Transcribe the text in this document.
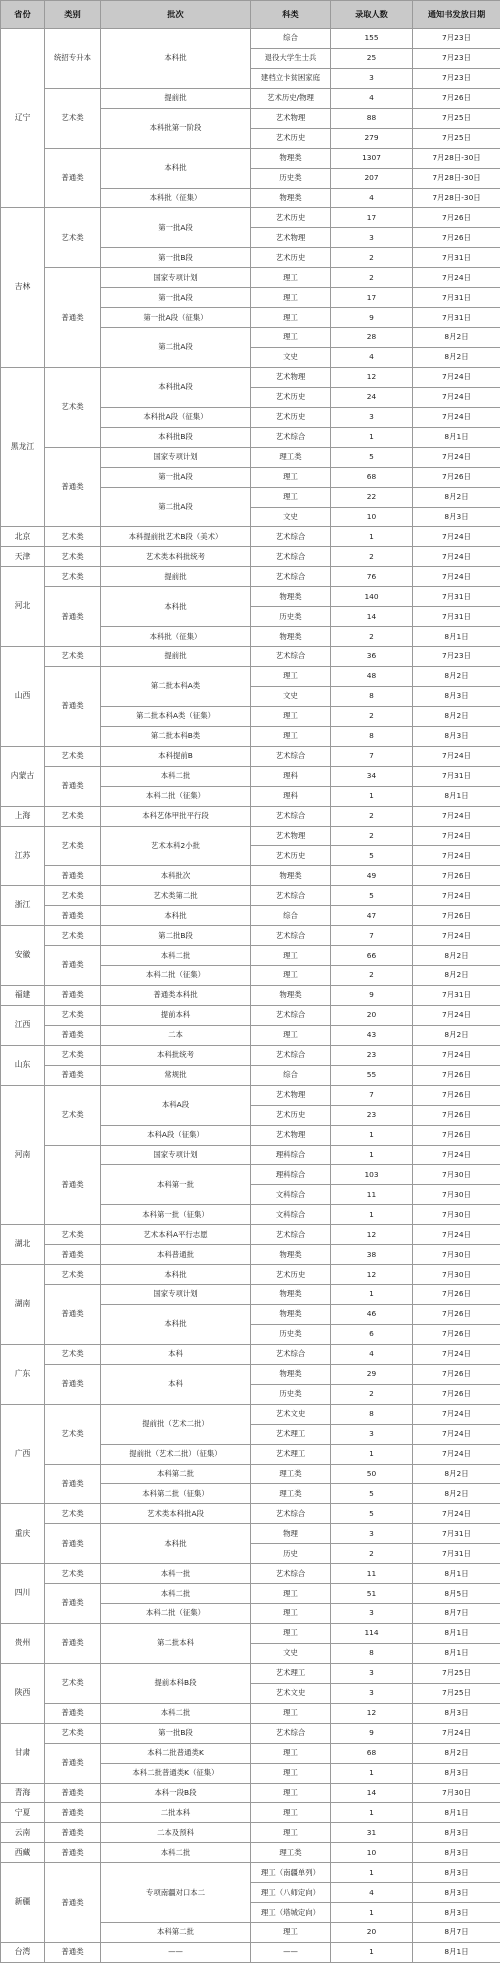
省份	类别	批次	科类	录取人数	通知书发放日期
辽宁	统招专升本	本科批	综合	155	7月23日
			退役大学生士兵	25	7月23日
			建档立卡贫困家庭	3	7月23日
	艺术类	提前批	艺术历史/物理	4	7月26日
		本科批第一阶段	艺术物理	88	7月25日
			艺术历史	279	7月25日
	普通类	本科批	物理类	1307	7月28日-30日
			历史类	207	7月28日-30日
		本科批（征集）	物理类	4	7月28日-30日
吉林	艺术类	第一批A段	艺术历史	17	7月26日
			艺术物理	3	7月26日
		第一批B段	艺术历史	2	7月31日
	普通类	国家专项计划	理工	2	7月24日
		第一批A段	理工	17	7月31日
		第一批A段（征集）	理工	9	7月31日
		第二批A段	理工	28	8月2日
			文史	4	8月2日
黑龙江	艺术类	本科批A段	艺术物理	12	7月24日
			艺术历史	24	7月24日
		本科批A段（征集）	艺术历史	3	7月24日
		本科批B段	艺术综合	1	8月1日
	普通类	国家专项计划	理工类	5	7月24日
		第一批A段	理工	68	7月26日
		第二批A段	理工	22	8月2日
			文史	10	8月3日
北京	艺术类	本科提前批艺术B段（美术）	艺术综合	1	7月24日
天津	艺术类	艺术类本科批统考	艺术综合	2	7月24日
河北	艺术类	提前批	艺术综合	76	7月24日
	普通类	本科批	物理类	140	7月31日
			历史类	14	7月31日
		本科批（征集）	物理类	2	8月1日
山西	艺术类	提前批	艺术综合	36	7月23日
	普通类	第二批本科A类	理工	48	8月2日
			文史	8	8月3日
		第二批本科A类（征集）	理工	2	8月2日
		第二批本科B类	理工	8	8月3日
内蒙古	艺术类	本科提前B	艺术综合	7	7月24日
	普通类	本科二批	理科	34	7月31日
		本科二批（征集）	理科	1	8月1日
上海	艺术类	本科艺体甲批平行段	艺术综合	2	7月24日
江苏	艺术类	艺术本科2小批	艺术物理	2	7月24日
			艺术历史	5	7月24日
	普通类	本科批次	物理类	49	7月26日
浙江	艺术类	艺术类第二批	艺术综合	5	7月24日
	普通类	本科批	综合	47	7月26日
安徽	艺术类	第二批B段	艺术综合	7	7月24日
	普通类	本科二批	理工	66	8月2日
		本科二批（征集）	理工	2	8月2日
福建	普通类	普通类本科批	物理类	9	7月31日
江西	艺术类	提前本科	艺术综合	20	7月24日
	普通类	二本	理工	43	8月2日
山东	艺术类	本科批统考	艺术综合	23	7月24日
	普通类	常规批	综合	55	7月26日
河南	艺术类	本科A段	艺术物理	7	7月26日
			艺术历史	23	7月26日
		本科A段（征集）	艺术物理	1	7月26日
	普通类	国家专项计划	理科综合	1	7月24日
		本科第一批	理科综合	103	7月30日
			文科综合	11	7月30日
		本科第一批（征集）	文科综合	1	7月30日
湖北	艺术类	艺术本科A平行志愿	艺术综合	12	7月24日
	普通类	本科普通批	物理类	38	7月30日
湖南	艺术类	本科批	艺术历史	12	7月30日
	普通类	国家专项计划	物理类	1	7月26日
		本科批	物理类	46	7月26日
			历史类	6	7月26日
广东	艺术类	本科	艺术综合	4	7月24日
	普通类	本科	物理类	29	7月26日
			历史类	2	7月26日
广西	艺术类	提前批（艺术二批）	艺术文史	8	7月24日
			艺术理工	3	7月24日
		提前批（艺术二批）（征集）	艺术理工	1	7月24日
	普通类	本科第二批	理工类	50	8月2日
		本科第二批（征集）	理工类	5	8月2日
重庆	艺术类	艺术类本科批A段	艺术综合	5	7月24日
	普通类	本科批	物理	3	7月31日
			历史	2	7月31日
四川	艺术类	本科一批	艺术综合	11	8月1日
	普通类	本科二批	理工	51	8月5日
		本科二批（征集）	理工	3	8月7日
贵州	普通类	第二批本科	理工	114	8月1日
			文史	8	8月1日
陕西	艺术类	提前本科B段	艺术理工	3	7月25日
			艺术文史	3	7月25日
	普通类	本科二批	理工	12	8月3日
甘肃	艺术类	第一批B段	艺术综合	9	7月24日
	普通类	本科二批普通类K	理工	68	8月2日
		本科二批普通类K（征集）	理工	1	8月3日
青海	普通类	本科一段B段	理工	14	7月30日
宁夏	普通类	二批本科	理工	1	8月1日
云南	普通类	二本及预科	理工	31	8月3日
西藏	普通类	本科二批	理工类	10	8月3日
新疆	普通类	专项南疆对口本二	理工（南疆单列）	1	8月3日
			理工（八师定向）	4	8月3日
			理工（塔城定向）	1	8月3日
		本科第二批	理工	20	8月7日
台湾	普通类	——	——	1	8月1日
